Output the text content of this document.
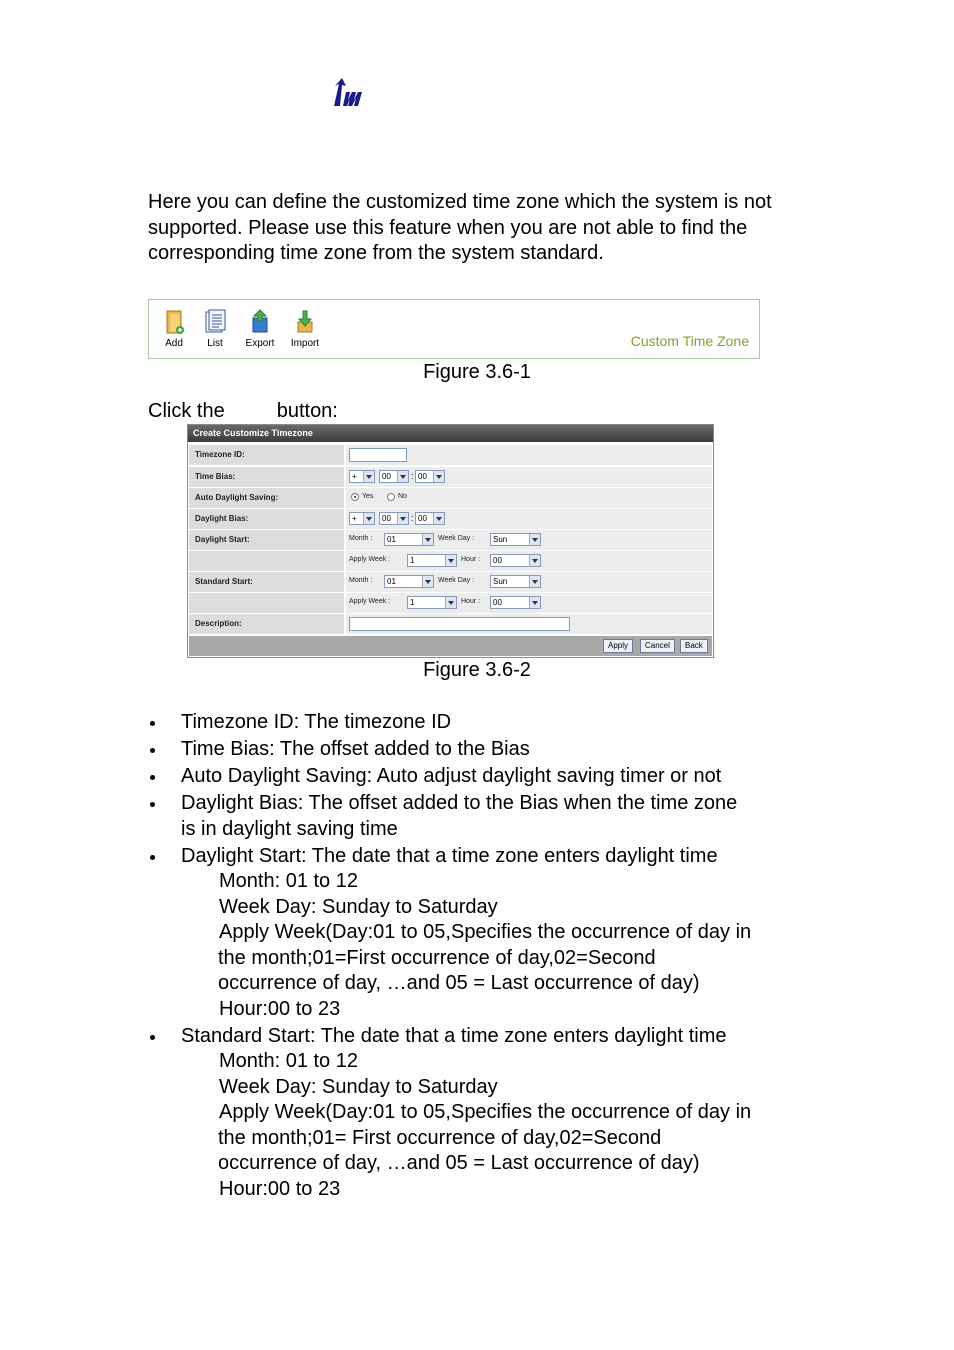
Here you can define the customized time zone which the system is not supported. Please use this feature when you are not able to find the corresponding time zone from the system standard.

Add	List	Export	Import	Custom Time Zone
Figure 3.6-1
Click the	button:
Create Customize Timezone
Timezone ID:
Time Bias:	+	00	: 00
Auto Daylight Saving:	Yes	No
Daylight Bias:	+	00	: 00
Daylight Start:	Month :	01	Week Day :	Sun
Apply Week :	1	Hour :	00
Standard Start:	Month :	01	Week Day :	Sun
Apply Week :	1	Hour :	00
Description:
Apply	Cancel	Back
Figure 3.6-2

Timezone ID: The timezone ID

Time Bias: The offset added to the Bias

Auto Daylight Saving: Auto adjust daylight saving timer or not

Daylight Bias: The offset added to the Bias when the time zone
is in daylight saving time

Daylight Start: The date that a time zone enters daylight time

Month: 01 to 12

Week Day: Sunday to Saturday

Apply Week(Day:01 to 05,Specifies the occurrence of day in

the month;01=First occurrence of day,02=Second

occurrence of day, …and 05 = Last occurrence of day)

Hour:00 to 23

Standard Start: The date that a time zone enters daylight time

Month: 01 to 12

Week Day: Sunday to Saturday

Apply Week(Day:01 to 05,Specifies the occurrence of day in

the month;01= First occurrence of day,02=Second

occurrence of day, …and 05 = Last occurrence of day)

Hour:00 to 23
